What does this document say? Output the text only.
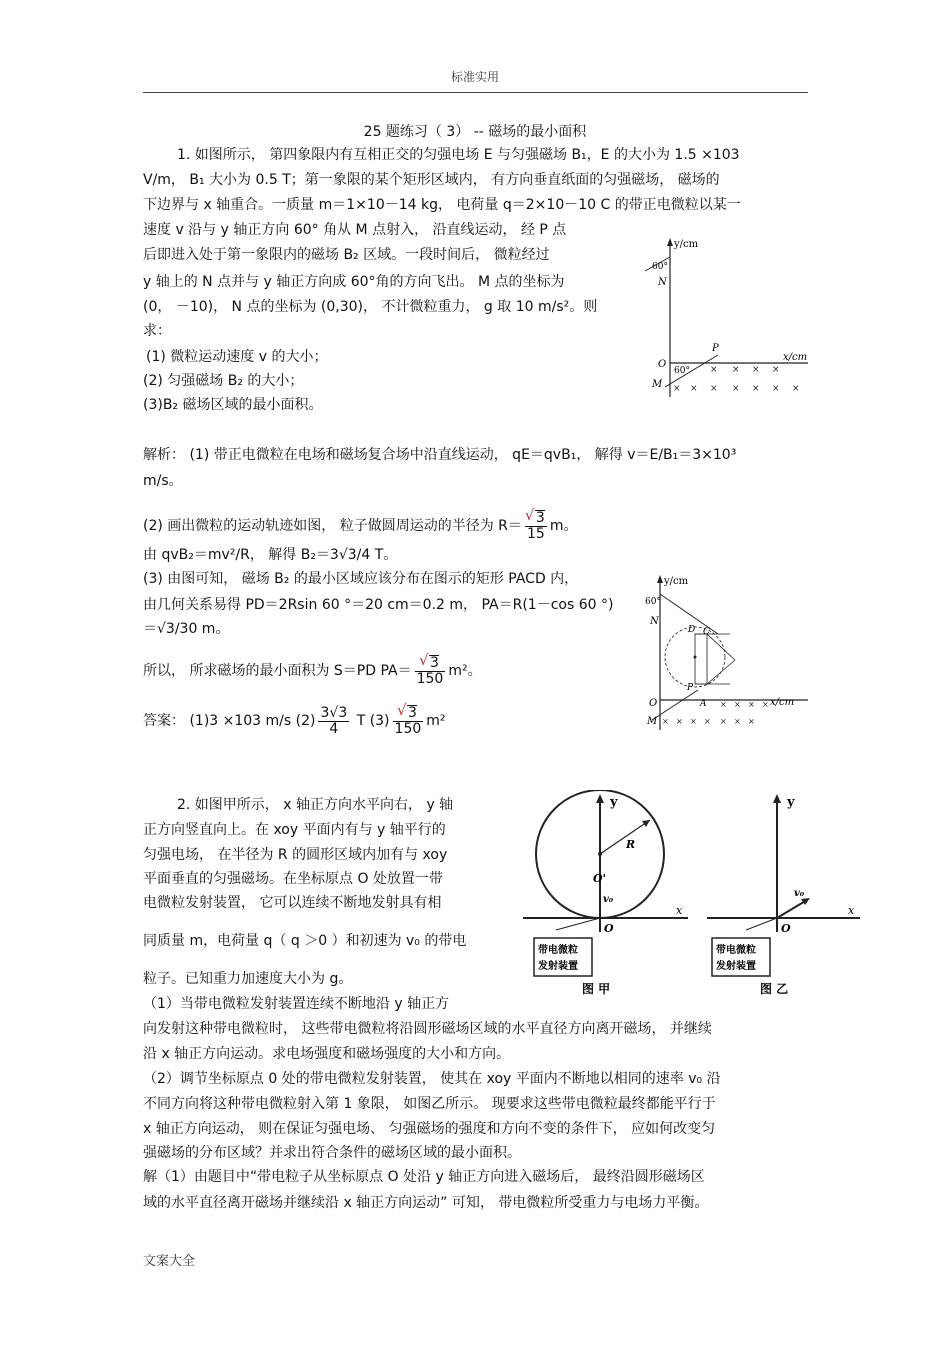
标准实用
25 题练习（ 3） -- 磁场的最小面积
1. 如图所示， 第四象限内有互相正交的匀强电场 E 与匀强磁场 B₁，E 的大小为 1.5 ×103
V/m， B₁ 大小为 0.5 T；第一象限的某个矩形区域内， 有方向垂直纸面的匀强磁场， 磁场的
下边界与 x 轴重合。一质量 m＝1×10－14 kg， 电荷量 q＝2×10－10 C 的带正电微粒以某一
速度 v 沿与 y 轴正方向 60° 角从 M 点射入， 沿直线运动， 经 P 点
后即进入处于第一象限内的磁场 B₂ 区域。一段时间后， 微粒经过
y 轴上的 N 点并与 y 轴正方向成 60°角的方向飞出。 M 点的坐标为
(0， －10)， N 点的坐标为 (0,30)， 不计微粒重力， g 取 10 m/s²。则
求：
(1) 微粒运动速度 v 的大小；
(2) 匀强磁场 B₂ 的大小；
(3)B₂ 磁场区域的最小面积。
y/cm
x/cm
60°
N
P
O
60°
M
× × × ×
× × × × × × ×
解析： (1) 带正电微粒在电场和磁场复合场中沿直线运动， qE＝qvB₁， 解得 v＝E/B₁＝3×10³
m/s。
(2) 画出微粒的运动轨迹如图， 粒子做圆周运动的半径为 R＝ √ $\frac{3}{15}$ m。
由 qvB₂＝mv²/R， 解得 B₂＝3√3/4 T。
(3) 由图可知， 磁场 B₂ 的最小区域应该分布在图示的矩形 PACD 内，
由几何关系易得 PD＝2Rsin 60 °＝20 cm＝0.2 m， PA＝R(1－cos 60 °)
＝√3/30 m。
所以， 所求磁场的最小面积为 S＝PD PA＝ √ $\frac{3}{150} m^2$。
答案： (1)3 ×103 m/s $(2) \frac{3√3}{4}$ T (3) √ $\frac{3}{150} m^2$
y/cm
x/cm
60°
N
D C
P
A
O
M
× × × ×
× × × × × × ×
2. 如图甲所示， x 轴正方向水平向右， y 轴
正方向竖直向上。在 xoy 平面内有与 y 轴平行的
匀强电场， 在半径为 R 的圆形区域内加有与 xoy
平面垂直的匀强磁场。在坐标原点 O 处放置一带
电微粒发射装置， 它可以连续不断地发射具有相
同质量 m，电荷量 q（ q ＞0 ）和初速为 v₀ 的带电
粒子。已知重力加速度大小为 g。
（1）当带电微粒发射装置连续不断地沿 y 轴正方
向发射这种带电微粒时， 这些带电微粒将沿圆形磁场区域的水平直径方向离开磁场， 并继续
沿 x 轴正方向运动。求电场强度和磁场强度的大小和方向。
（2）调节坐标原点 0 处的带电微粒发射装置， 使其在 xoy 平面内不断地以相同的速率 v₀ 沿
不同方向将这种带电微粒射入第 1 象限， 如图乙所示。 现要求这些带电微粒最终都能平行于
x 轴正方向运动， 则在保证匀强电场、 匀强磁场的强度和方向不变的条件下， 应如何改变匀
强磁场的分布区域？并求出符合条件的磁场区域的最小面积。
解（1）由题目中“带电粒子从坐标原点 O 处沿 y 轴正方向进入磁场后， 最终沿圆形磁场区
域的水平直径离开磁场并继续沿 x 轴正方向运动” 可知， 带电微粒所受重力与电场力平衡。
y
x
R
O'
v₀
O
带电微粒
发射装置
图 甲
y
x
v₀
O
带电微粒
发射装置
图 乙
文案大全
